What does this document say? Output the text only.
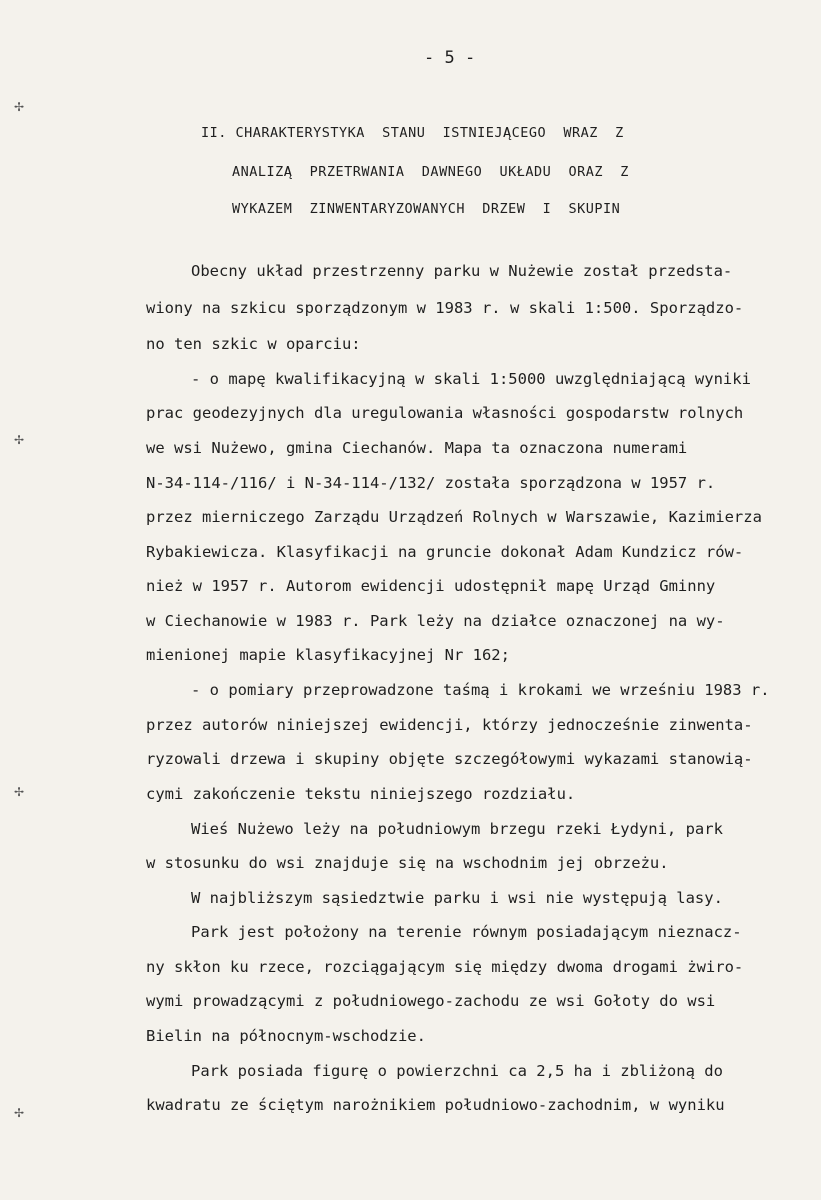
✢
✢
✢
✢
- 5 -
II. CHARAKTERYSTYKA  STANU  ISTNIEJĄCEGO  WRAZ  Z
ANALIZĄ  PRZETRWANIA  DAWNEGO  UKŁADU  ORAZ  Z
WYKAZEM  ZINWENTARYZOWANYCH  DRZEW  I  SKUPIN
Obecny układ przestrzenny parku w Nużewie został przedsta-
wiony na szkicu sporządzonym w 1983 r. w skali 1:500. Sporządzo-
no ten szkic w oparciu:
- o mapę kwalifikacyjną w skali 1:5000 uwzględniającą wyniki
prac geodezyjnych dla uregulowania własności gospodarstw rolnych
we wsi Nużewo, gmina Ciechanów. Mapa ta oznaczona numerami
N-34-114-/116/ i N-34-114-/132/ została sporządzona w 1957 r.
przez mierniczego Zarządu Urządzeń Rolnych w Warszawie, Kazimierza
Rybakiewicza. Klasyfikacji na gruncie dokonał Adam Kundzicz rów-
nież w 1957 r. Autorom ewidencji udostępnił mapę Urząd Gminny
w Ciechanowie w 1983 r. Park leży na działce oznaczonej na wy-
mienionej mapie klasyfikacyjnej Nr 162;
- o pomiary przeprowadzone taśmą i krokami we wrześniu 1983 r.
przez autorów niniejszej ewidencji, którzy jednocześnie zinwenta-
ryzowali drzewa i skupiny objęte szczegółowymi wykazami stanowią-
cymi zakończenie tekstu niniejszego rozdziału.
Wieś Nużewo leży na południowym brzegu rzeki Łydyni, park
w stosunku do wsi znajduje się na wschodnim jej obrzeżu.
W najbliższym sąsiedztwie parku i wsi nie występują lasy.
Park jest położony na terenie równym posiadającym nieznacz-
ny skłon ku rzece, rozciągającym się między dwoma drogami żwiro-
wymi prowadzącymi z południowego-zachodu ze wsi Gołoty do wsi
Bielin na północnym-wschodzie.
Park posiada figurę o powierzchni ca 2,5 ha i zbliżoną do
kwadratu ze ściętym narożnikiem południowo-zachodnim, w wyniku
